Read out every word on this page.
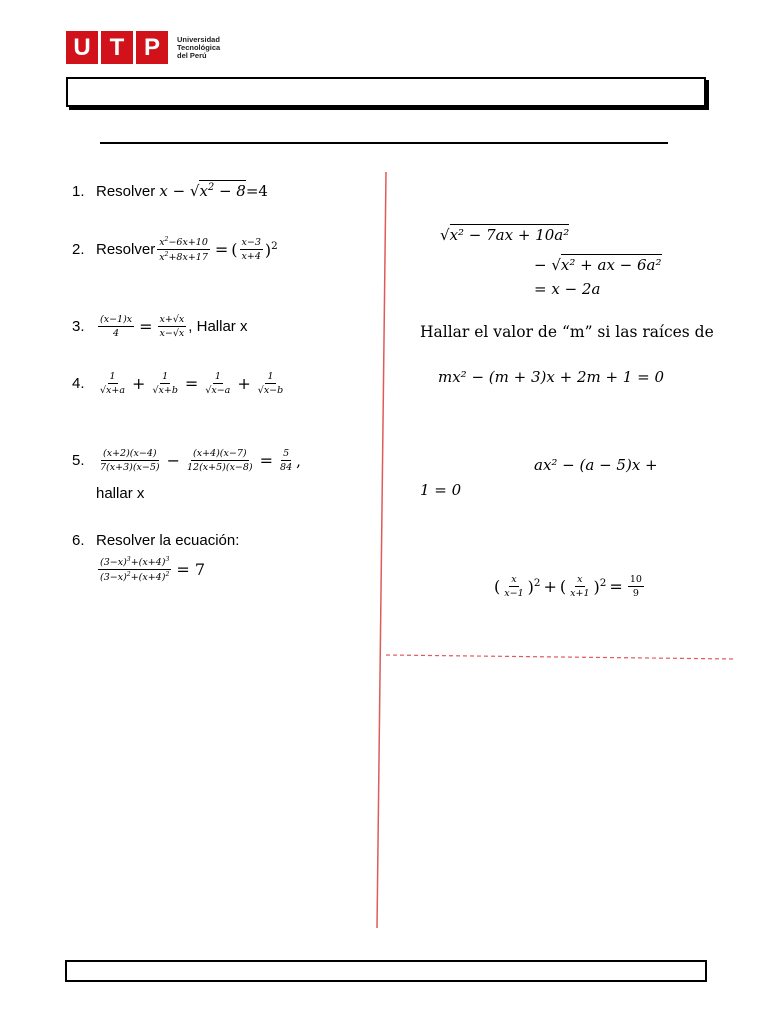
U T P	Universidad
Tecnológica
del Perú
1. Resolver
$x - √x^2 - 8=4$
2. Resolver $\frac{x^2-6x+10}{x^2+8x+17}$ = ( $\frac{x-3}{x+4} )^2$
3.	$\frac{(x-1)x}{4} = \frac{x+√x}{x-√x}$ , Hallar x
4.	$\frac{1}{√x+a} + \frac{1}{√x+b} = \frac{1}{√x-a} + \frac{1}{√x-b}$
5.	$\frac{(x+2)(x-4)}{7(x+3)(x-5)} - \frac{(x+4)(x-7)}{12(x+5)(x-8)} = \frac{5}{84}$ ,
hallar x
6. Resolver la ecuación:
$\frac{(3-x)^3+(x+4)^3}{(3-x)^2+(x+4)^2} = 7$
√x² − 7ax + 10a²
− √x² + ax − 6a²
= x − 2a
Hallar el valor de “m” si las raíces de
mx² − (m + 3)x + 2m + 1 = 0
ax² − (a − 5)x +
1 = 0
( $\frac{x}{x-1} )^2$ + ( $\frac{x}{x+1} )^2 = \frac{10}{9}$
